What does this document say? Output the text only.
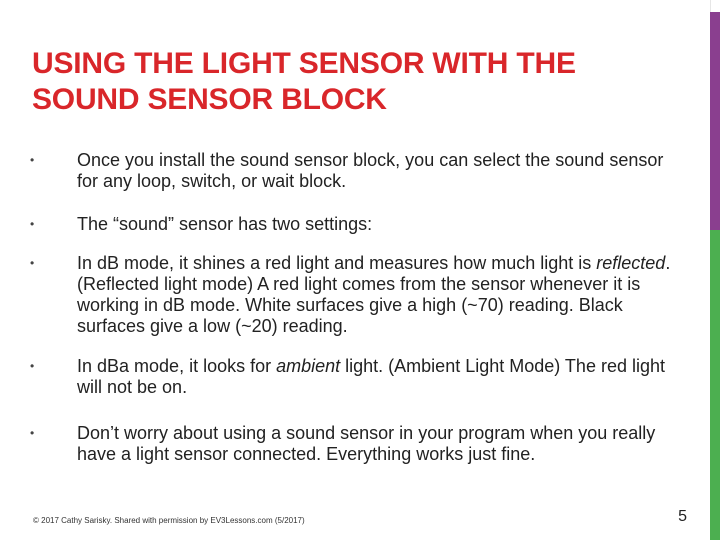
USING THE LIGHT SENSOR WITH THE
SOUND SENSOR BLOCK
• Once you install the sound sensor block, you can select the sound sensor for any loop, switch, or wait block.
• The “sound” sensor has two settings:
• In dB mode, it shines a red light and measures how much light is reflected. (Reflected light mode) A red light comes from the sensor whenever it is working in dB mode. White surfaces give a high (~70) reading. Black surfaces give a low (~20) reading.
• In dBa mode, it looks for ambient light. (Ambient Light Mode) The red light will not be on.
• Don’t worry about using a sound sensor in your program when you really have a light sensor connected. Everything works just fine.
© 2017 Cathy Sarisky. Shared with permission by EV3Lessons.com (5/2017)	5
